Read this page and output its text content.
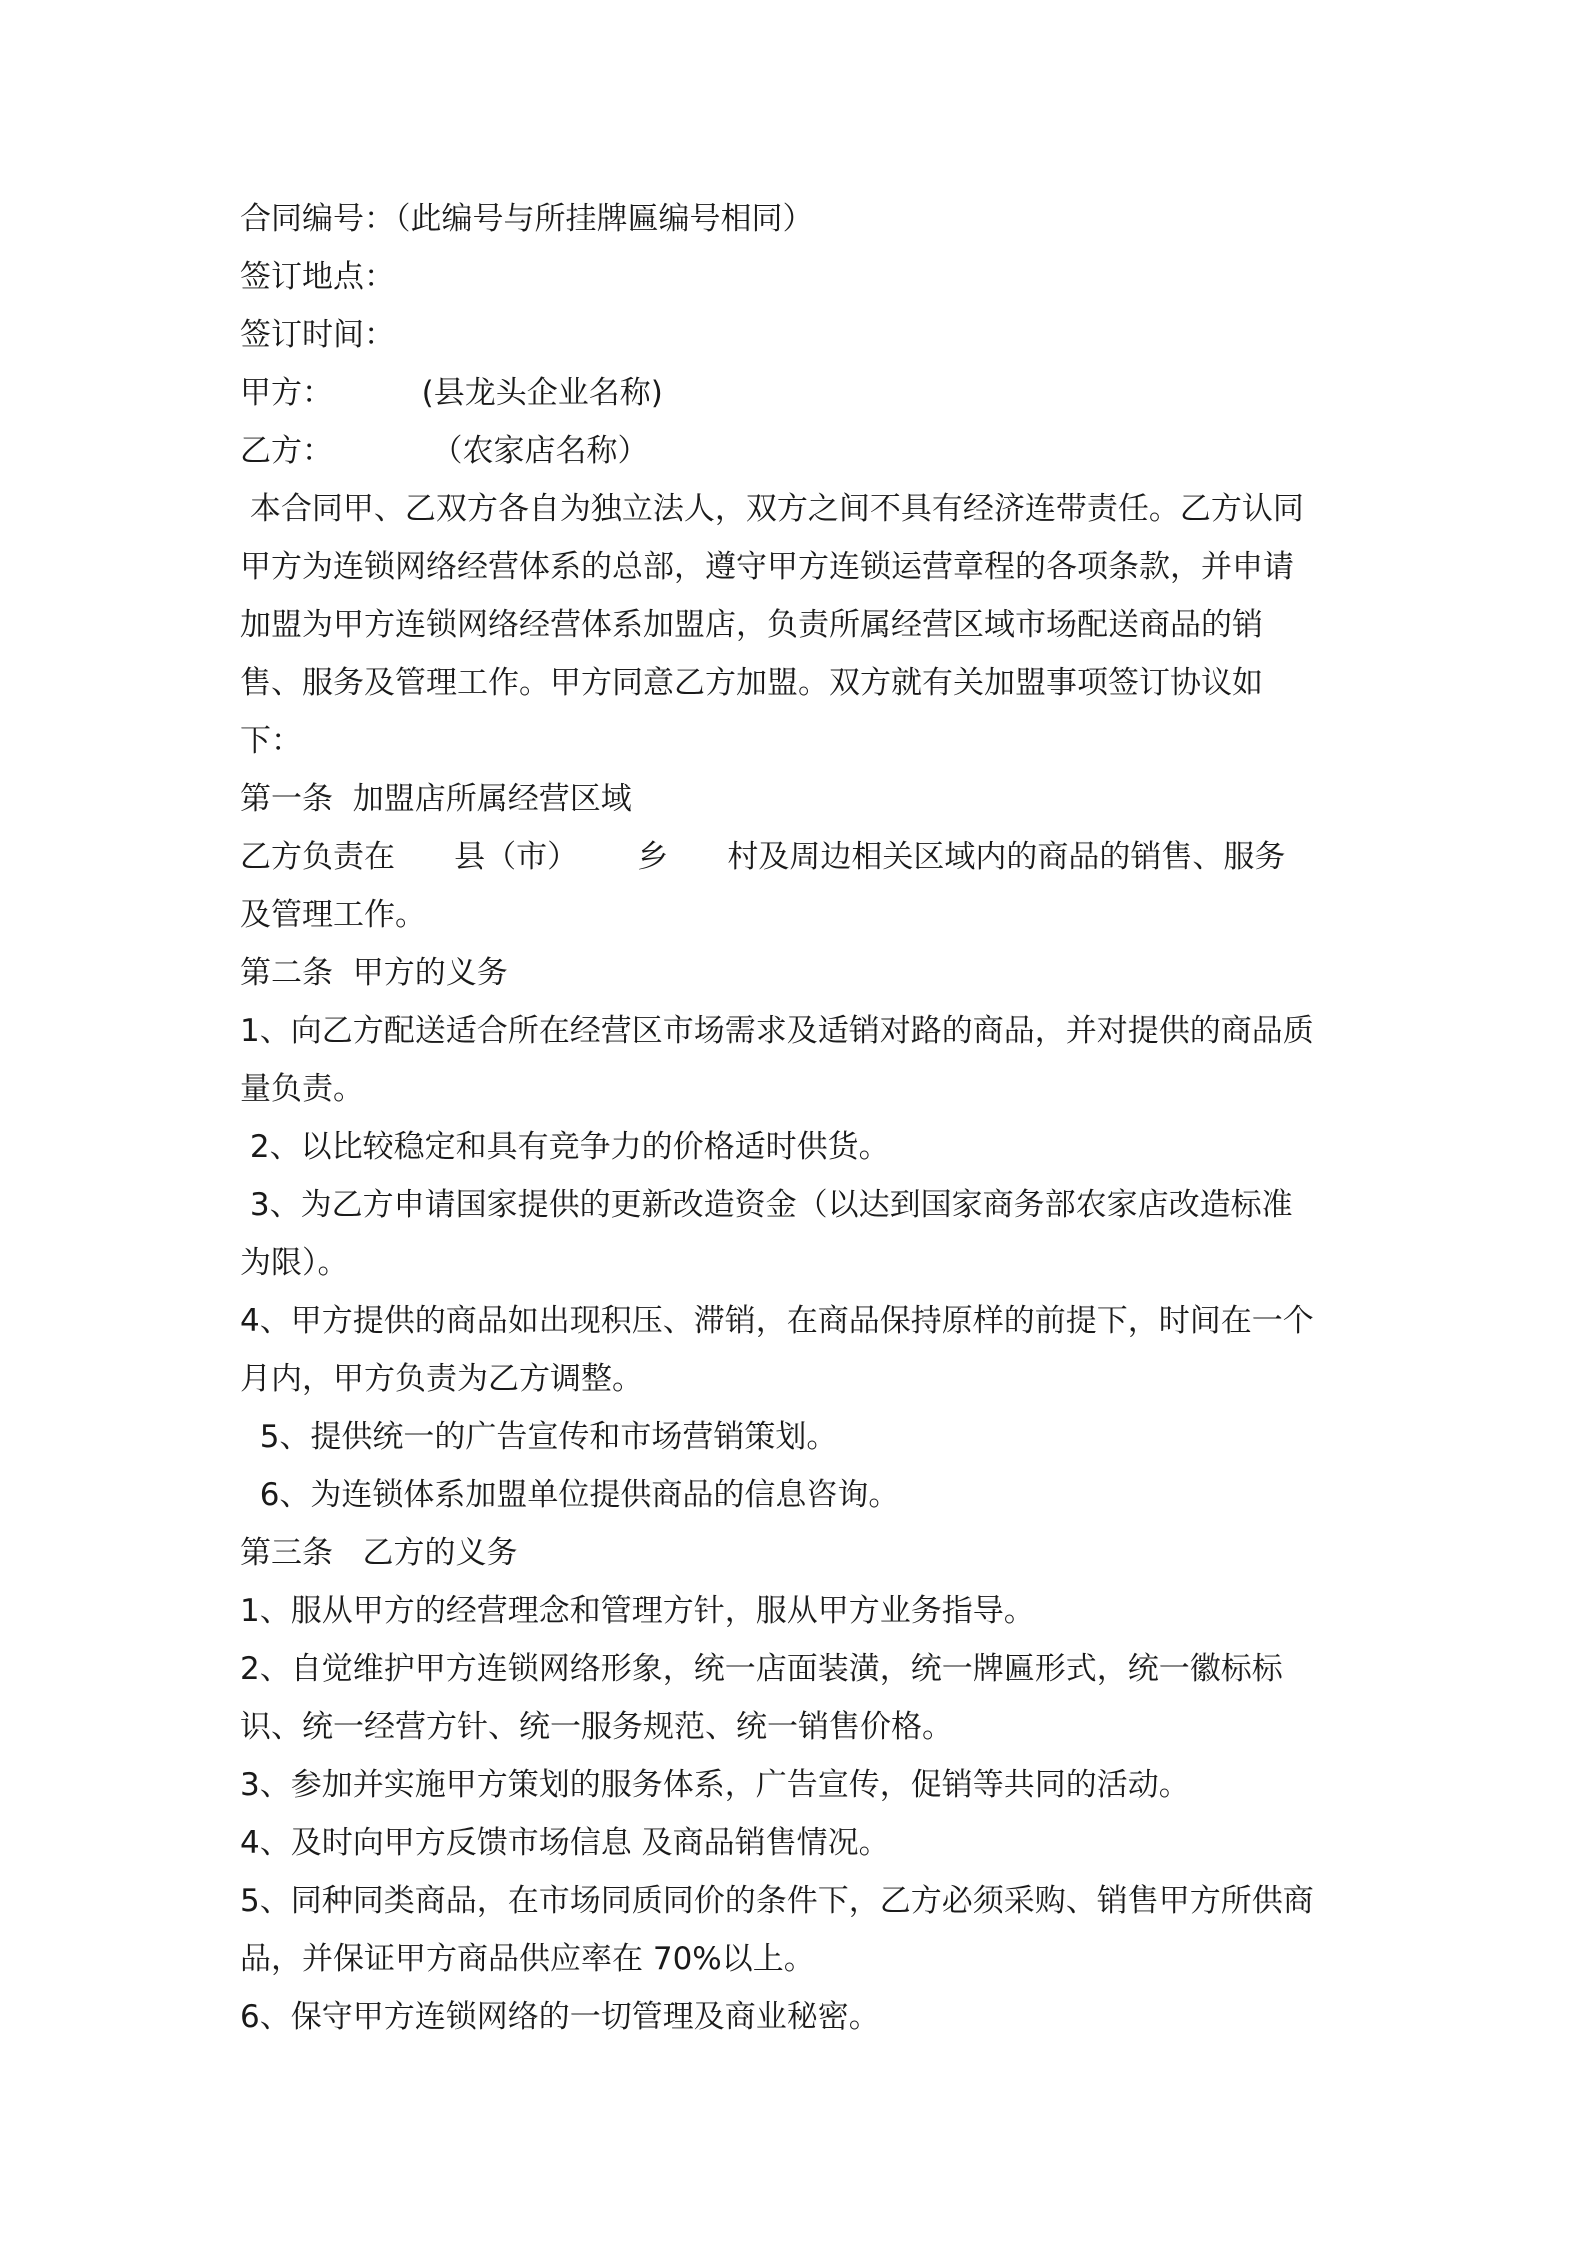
合同编号：（此编号与所挂牌匾编号相同）
签订地点：
签订时间：
甲方：         (县龙头企业名称)
乙方：          （农家店名称）
本合同甲、乙双方各自为独立法人，双方之间不具有经济连带责任。乙方认同
甲方为连锁网络经营体系的总部，遵守甲方连锁运营章程的各项条款，并申请
加盟为甲方连锁网络经营体系加盟店，负责所属经营区域市场配送商品的销
售、服务及管理工作。甲方同意乙方加盟。双方就有关加盟事项签订协议如
下：
第一条  加盟店所属经营区域
乙方负责在      县（市）      乡      村及周边相关区域内的商品的销售、服务
及管理工作。
第二条  甲方的义务
1、向乙方配送适合所在经营区市场需求及适销对路的商品，并对提供的商品质
量负责。
2、以比较稳定和具有竞争力的价格适时供货。
3、为乙方申请国家提供的更新改造资金（以达到国家商务部农家店改造标准
为限）。
4、甲方提供的商品如出现积压、滞销，在商品保持原样的前提下，时间在一个
月内，甲方负责为乙方调整。
5、提供统一的广告宣传和市场营销策划。
6、为连锁体系加盟单位提供商品的信息咨询。
第三条   乙方的义务
1、服从甲方的经营理念和管理方针，服从甲方业务指导。
2、自觉维护甲方连锁网络形象，统一店面装潢，统一牌匾形式，统一徽标标
识、统一经营方针、统一服务规范、统一销售价格。
3、参加并实施甲方策划的服务体系，广告宣传，促销等共同的活动。
4、及时向甲方反馈市场信息 及商品销售情况。
5、同种同类商品，在市场同质同价的条件下，乙方必须采购、销售甲方所供商
品，并保证甲方商品供应率在 70%以上。
6、保守甲方连锁网络的一切管理及商业秘密。
